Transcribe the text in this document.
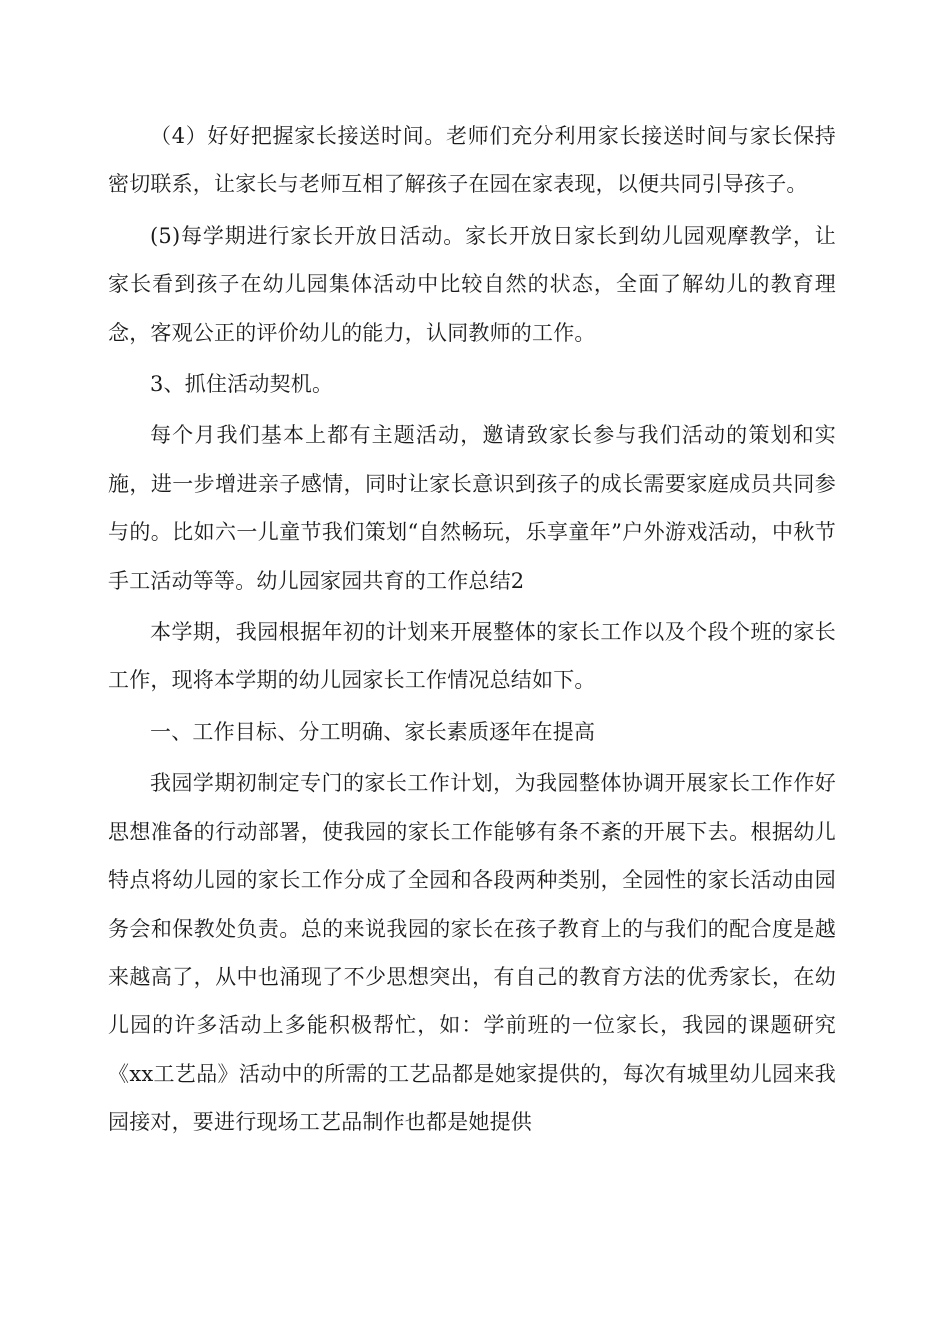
（4）好好把握家长接送时间。老师们充分利用家长接送时间与家长保持密切联系，让家长与老师互相了解孩子在园在家表现，以便共同引导孩子。

(5)每学期进行家长开放日活动。家长开放日家长到幼儿园观摩教学，让家长看到孩子在幼儿园集体活动中比较自然的状态，全面了解幼儿的教育理念，客观公正的评价幼儿的能力，认同教师的工作。

3、抓住活动契机。

每个月我们基本上都有主题活动，邀请致家长参与我们活动的策划和实施，进一步增进亲子感情，同时让家长意识到孩子的成长需要家庭成员共同参与的。比如六一儿童节我们策划“自然畅玩，乐享童年”户外游戏活动，中秋节手工活动等等。幼儿园家园共育的工作总结2

本学期，我园根据年初的计划来开展整体的家长工作以及个段个班的家长工作，现将本学期的幼儿园家长工作情况总结如下。

一、工作目标、分工明确、家长素质逐年在提高

我园学期初制定专门的家长工作计划，为我园整体协调开展家长工作作好思想准备的行动部署，使我园的家长工作能够有条不紊的开展下去。根据幼儿特点将幼儿园的家长工作分成了全园和各段两种类别，全园性的家长活动由园务会和保教处负责。总的来说我园的家长在孩子教育上的与我们的配合度是越来越高了，从中也涌现了不少思想突出，有自己的教育方法的优秀家长，在幼儿园的许多活动上多能积极帮忙，如：学前班的一位家长，我园的课题研究《xx工艺品》活动中的所需的工艺品都是她家提供的，每次有城里幼儿园来我园接对，要进行现场工艺品制作也都是她提供
